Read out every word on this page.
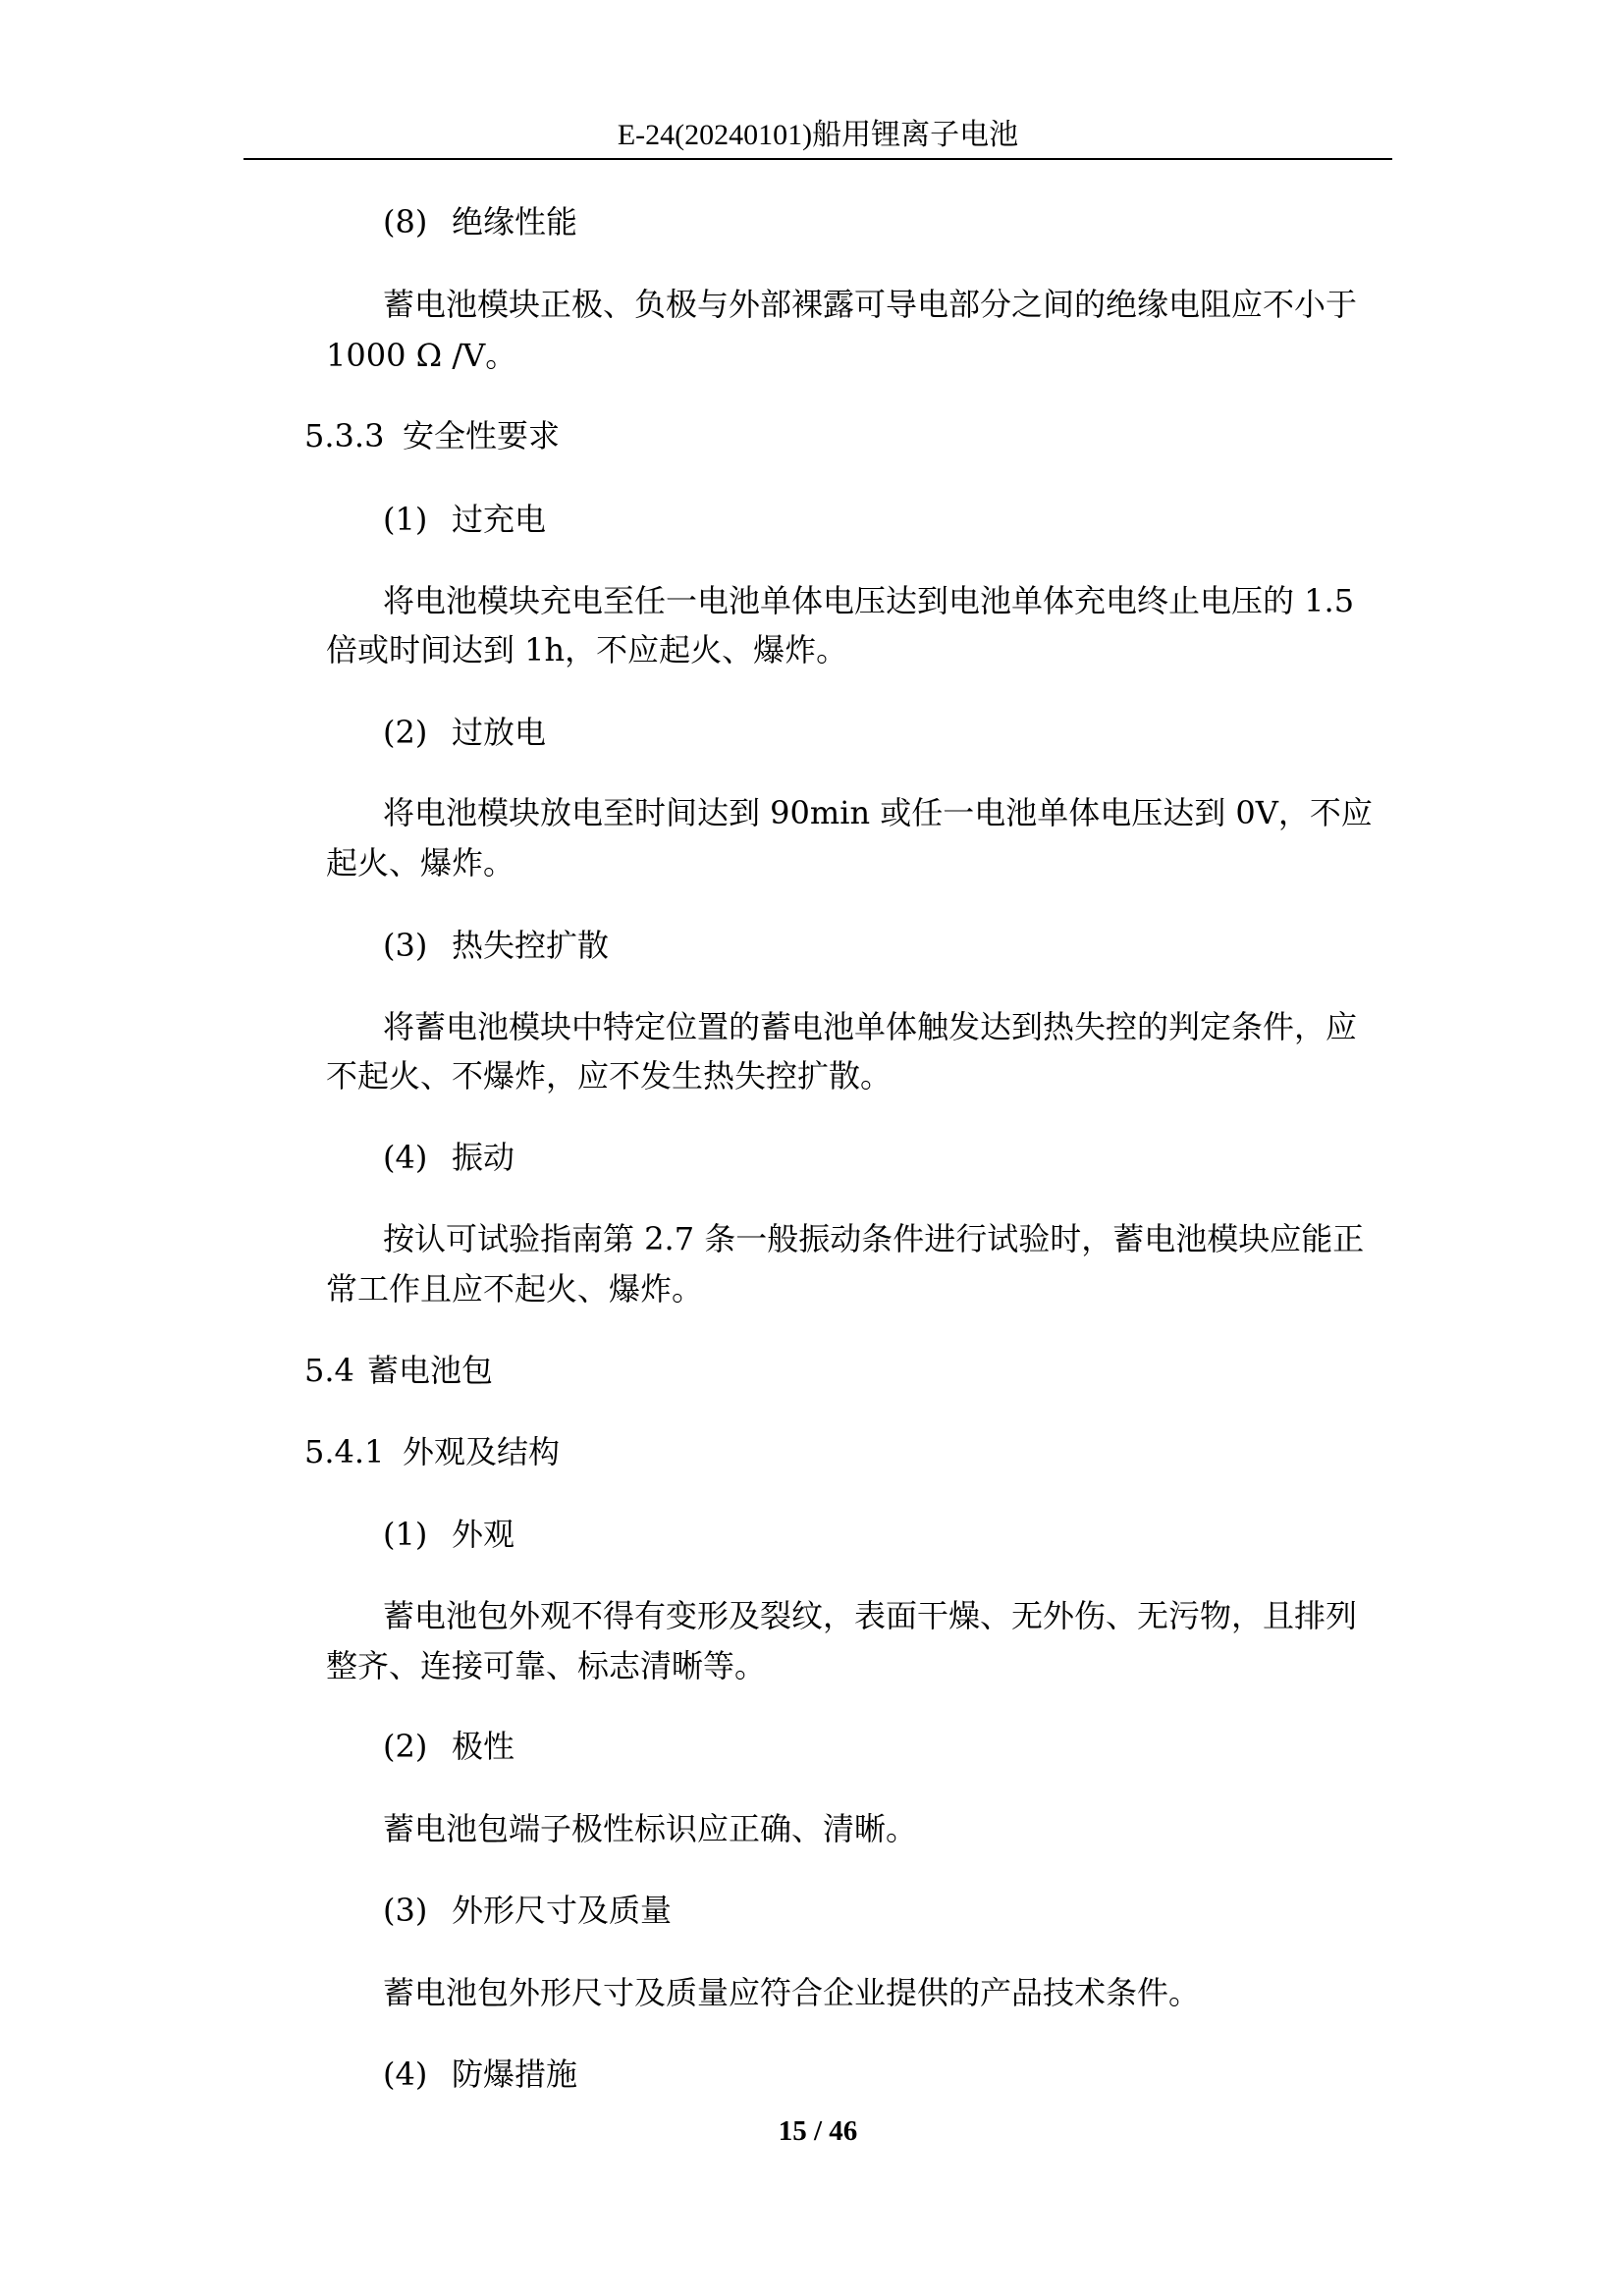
E-24(20240101)船用锂离子电池
(8) 绝缘性能
蓄电池模块正极、负极与外部裸露可导电部分之间的绝缘电阻应不小于
1000 Ω /V。
5.3.3 安全性要求
(1) 过充电
将电池模块充电至任一电池单体电压达到电池单体充电终止电压的 1.5
倍或时间达到 1h，不应起火、爆炸。
(2) 过放电
将电池模块放电至时间达到 90min 或任一电池单体电压达到 0V，不应
起火、爆炸。
(3) 热失控扩散
将蓄电池模块中特定位置的蓄电池单体触发达到热失控的判定条件，应
不起火、不爆炸，应不发生热失控扩散。
(4) 振动
按认可试验指南第 2.7 条一般振动条件进行试验时，蓄电池模块应能正
常工作且应不起火、爆炸。
5.4 蓄电池包
5.4.1 外观及结构
(1) 外观
蓄电池包外观不得有变形及裂纹，表面干燥、无外伤、无污物，且排列
整齐、连接可靠、标志清晰等。
(2) 极性
蓄电池包端子极性标识应正确、清晰。
(3) 外形尺寸及质量
蓄电池包外形尺寸及质量应符合企业提供的产品技术条件。
(4) 防爆措施
15 / 46
